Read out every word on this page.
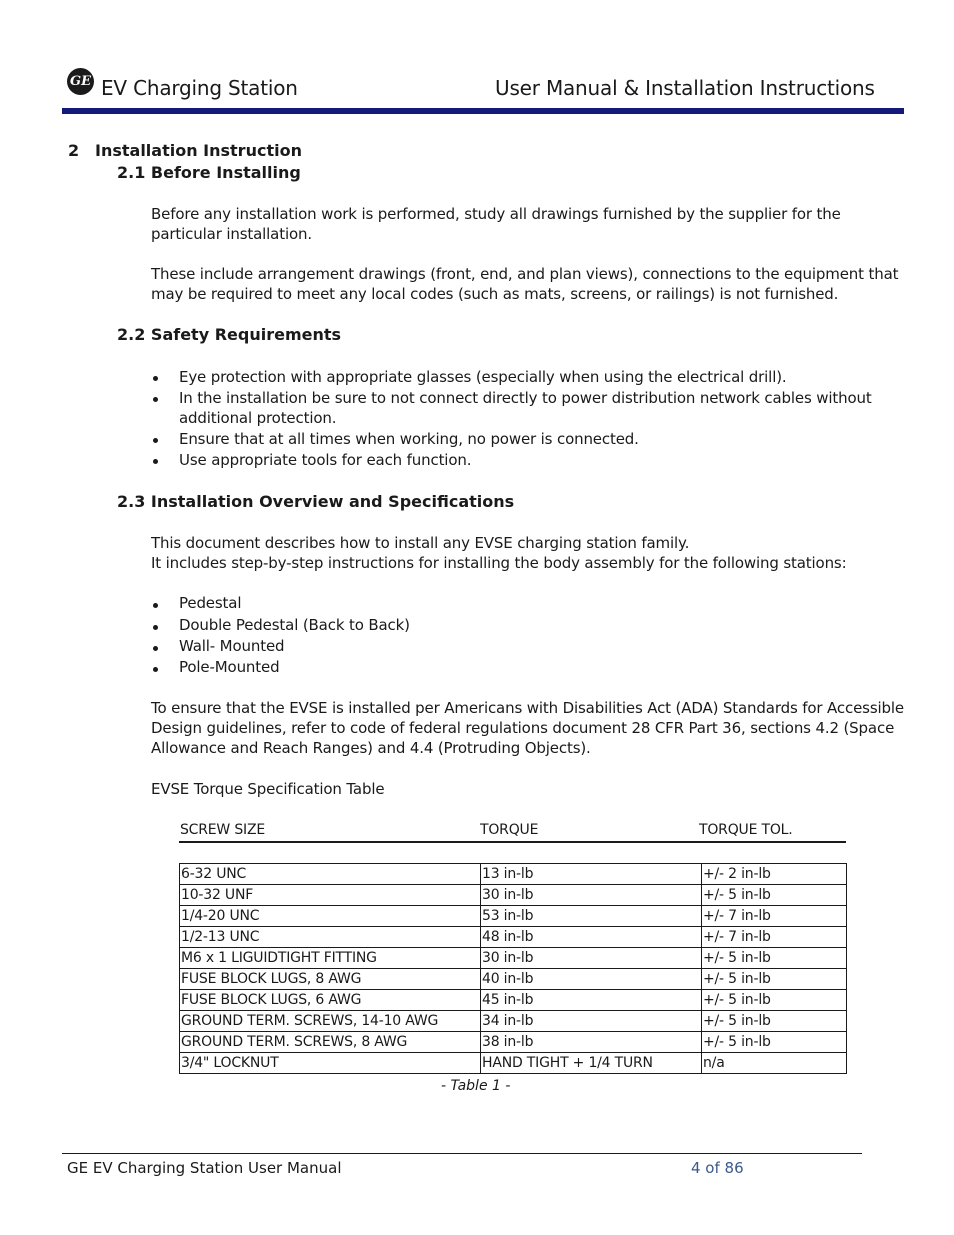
GE EV Charging Station	User Manual & Installation Instructions
2 Installation Instruction
2.1 Before Installing
Before any installation work is performed, study all drawings furnished by the supplier for the
particular installation.
These include arrangement drawings (front, end, and plan views), connections to the equipment that
may be required to meet any local codes (such as mats, screens, or railings) is not furnished.
2.2 Safety Requirements
Eye protection with appropriate glasses (especially when using the electrical drill).
In the installation be sure to not connect directly to power distribution network cables without
additional protection.
Ensure that at all times when working, no power is connected.
Use appropriate tools for each function.
2.3 Installation Overview and Specifications
This document describes how to install any EVSE charging station family.
It includes step-by-step instructions for installing the body assembly for the following stations:
Pedestal
Double Pedestal (Back to Back)
Wall- Mounted
Pole-Mounted
To ensure that the EVSE is installed per Americans with Disabilities Act (ADA) Standards for Accessible
Design guidelines, refer to code of federal regulations document 28 CFR Part 36, sections 4.2 (Space
Allowance and Reach Ranges) and 4.4 (Protruding Objects).
EVSE Torque Specification Table
SCREW SIZE	TORQUE	TORQUE TOL.
6-32 UNC	13 in-lb	+/- 2 in-lb
10-32 UNF	30 in-lb	+/- 5 in-lb
1/4-20 UNC	53 in-lb	+/- 7 in-lb
1/2-13 UNC	48 in-lb	+/- 7 in-lb
M6 x 1 LIGUIDTIGHT FITTING	30 in-lb	+/- 5 in-lb
FUSE BLOCK LUGS, 8 AWG	40 in-lb	+/- 5 in-lb
FUSE BLOCK LUGS, 6 AWG	45 in-lb	+/- 5 in-lb
GROUND TERM. SCREWS, 14-10 AWG	34 in-lb	+/- 5 in-lb
GROUND TERM. SCREWS, 8 AWG	38 in-lb	+/- 5 in-lb
3/4" LOCKNUT	HAND TIGHT + 1/4 TURN	n/a
- Table 1 -
GE EV Charging Station User Manual	4 of 86
